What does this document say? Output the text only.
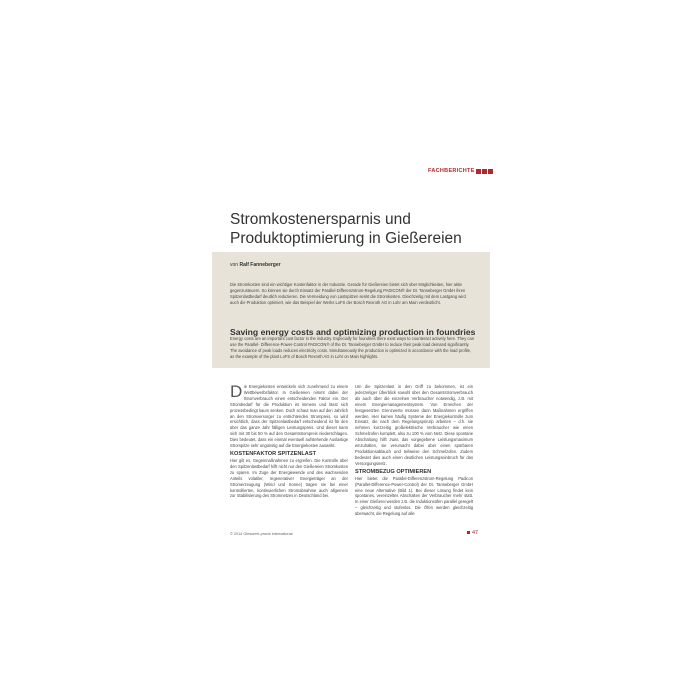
FACHBERICHTE
Stromkostenersparnis und Produktoptimierung in Gießereien
von Ralf Fanneberger

Die Stromkosten sind ein wichtiger Kostenfaktor in der Industrie. Gerade für Gießereien bietet sich über Möglichkeiten, hier aktiv gegenzusteuern. So können sie durch Einsatz der Parallel-Differenzstrom-Regelung PADICON® der Dr. Tanneberger GmbH ihren Spitzenlastbedarf deutlich reduzieren. Die Vermeidung von Lastspitzen senkt die Stromkosten. Gleichzeitig mit dem Lastgang wird auch die Produktion optimiert, wie das Beispiel der Werks LoFS der Bosch Rexroth AG in Lohr am Main verdeutlicht.

Saving energy costs and optimizing production in foundries

Energy costs are an important cost factor in the industry. Especially for foundries there exist ways to counteract actively here. They can use the Parallel- Difference-Power-Control PADICON® of the Dr. Tanneberger GmbH to reduce their peak load demand significantly. The avoidance of peak loads reduces electricity costs. Simultaneously the production is optimized in accordance with the load profile, as the example of the plant LoFS of Bosch Rexroth AG in Lohr on Main highlights.

Die Energiekosten entwickeln sich zunehmend zu einem Wettbewerbsfaktor. In Gießereien nimmt dabei der Stromverbrauch einen entscheidenden Faktor ein. Der Strombedarf für die Produktion ist immens und lässt sich prozessbedingt kaum senken. Doch schaut man auf den Jahrlich an den Stromversorger zu entrichtenden Strompreis, so wird ersichtlich, dass der Spitzenlastbedarf entscheidend ist für den über das ganze Jahr fälligen Leistungspreis. Und dieser kann sich mit 30 bis 50 % auf den Gesamtstrompreis niederschlagen. Dies bedeutet, dass ein einmal eventuell aufstehende Auslastige Strompitze sehr ungünstig auf die Energiekosten auswirkt.

KOSTENFAKTOR SPITZENLAST

Hier gilt es, Gegenmaßnahmen zu ergreifen. Die Kontrolle über den Spitzenlastbedarf hilft nicht nur den Gießereien Stromkosten zu sparen. Im Zuge der Energiewende und des wachsenden Anteils volatiler, regenerativer Energieträger an der Stromerzeugung (Wind und Sonne) tragen sie bei einer kontrollierten, kontinuierlichen Stromabnahme auch allgemein zur Stabilisierung des Stromnetzes in Deutschland bei.

Um die Spitzenlast in den Griff zu bekommen, ist ein jederzeitiger Überblick sowohl über den Gesamtstromverbrauch als auch über die einzelnen Verbraucher notwendig, z.B. mit einem Energiemanagementsystem. Von Erreichen der festgesetzten Grenzwerte müssen dann Maßnahmen ergriffen werden. Hier kamen häufig Systeme der Energiekontrolle zum Einsatz, die nach dem Regelungsprinzip arbeiten – d.h. sie nehmen kurzzeitig großelektrische Verbraucher wie einen Schmelzofen komplett, also zu 100 % vom Netz. Diese spontane Abschaltung hilft zwar, das vorgegebene Leistungsmaximum einzuhalten, sie verursacht dabei aber einen spürbaren Produktionsablauch und teilweise den Schmelzofen. Zudem bedeutet dies auch einen deutlichen Leistungseinbruch für das Versorgungsnetz.

STROMBEZUG OPTIMIEREN

Hier bietet die Parallel-Differenzstrom-Regelung Padicon (Parallel-Difference-Power-Control) der Dr. Tanneberger GmbH eine neue Alternative (Bild 1). Bei dieser Lösung findet kein spontanes, vereinzeltes Abschalten der Verbraucher mehr statt. In einer Gießerei werden z.B. die Induktionsöfen parallel geregelt – gleichzeitig und stufenlos. Die Öfen werden gleichzeitig überwacht, die Regelung auf alle

© 2014 Giesserei-praxis international	47
